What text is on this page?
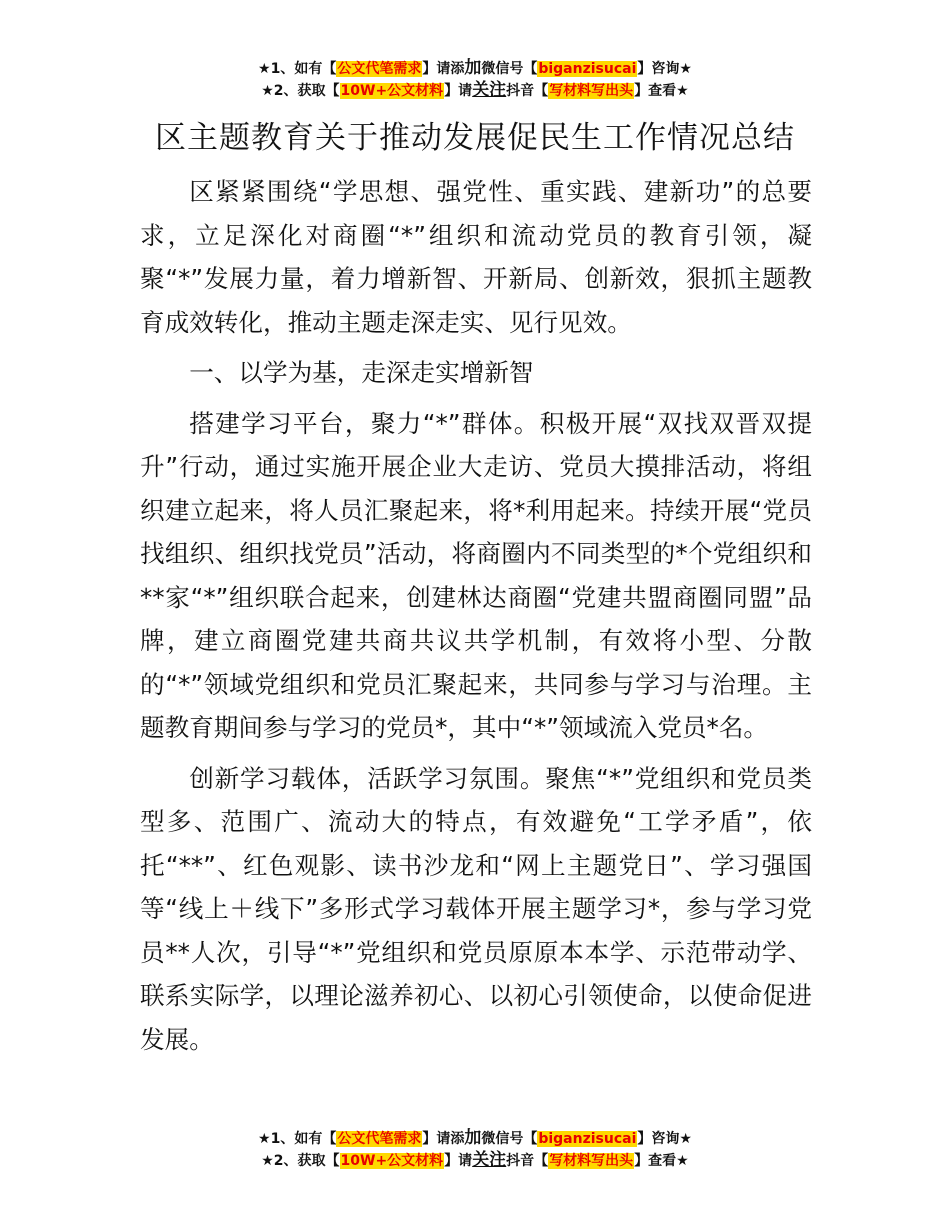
★1、如有【公文代笔需求】请添加微信号【biganzisucai】咨询★
★2、获取【10W+公文材料】请关注抖音【写材料写出头】查看★
区主题教育关于推动发展促民生工作情况总结

区紧紧围绕“学思想、强党性、重实践、建新功”的总要求，立足深化对商圈“*”组织和流动党员的教育引领，凝聚“*”发展力量，着力增新智、开新局、创新效，狠抓主题教育成效转化，推动主题走深走实、见行见效。

一、以学为基，走深走实增新智

搭建学习平台，聚力“*”群体。积极开展“双找双晋双提升”行动，通过实施开展企业大走访、党员大摸排活动，将组织建立起来，将人员汇聚起来，将*利用起来。持续开展“党员找组织、组织找党员”活动，将商圈内不同类型的*个党组织和**家“*”组织联合起来，创建林达商圈“党建共盟商圈同盟”品牌，建立商圈党建共商共议共学机制，有效将小型、分散的“*”领域党组织和党员汇聚起来，共同参与学习与治理。主题教育期间参与学习的党员*，其中“*”领域流入党员*名。

创新学习载体，活跃学习氛围。聚焦“*”党组织和党员类型多、范围广、流动大的特点，有效避免“工学矛盾”，依托“**”、红色观影、读书沙龙和“网上主题党日”、学习强国等“线上＋线下”多形式学习载体开展主题学习*，参与学习党员**人次，引导“*”党组织和党员原原本本学、示范带动学、联系实际学，以理论滋养初心、以初心引领使命，以使命促进发展。

★1、如有【公文代笔需求】请添加微信号【biganzisucai】咨询★
★2、获取【10W+公文材料】请关注抖音【写材料写出头】查看★
